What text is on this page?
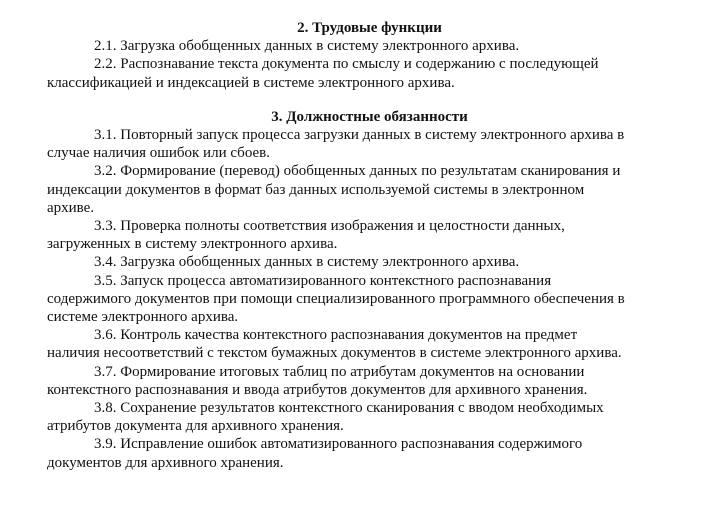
2. Трудовые функции
2.1. Загрузка обобщенных данных в систему электронного архива.
2.2. Распознавание текста документа по смыслу и содержанию с последующей
классификацией и индексацией в системе электронного архива.
3. Должностные обязанности
3.1. Повторный запуск процесса загрузки данных в систему электронного архива в
случае наличия ошибок или сбоев.
3.2. Формирование (перевод) обобщенных данных по результатам сканирования и
индексации документов в формат баз данных используемой системы в электронном
архиве.
3.3. Проверка полноты соответствия изображения и целостности данных,
загруженных в систему электронного архива.
3.4. Загрузка обобщенных данных в систему электронного архива.
3.5. Запуск процесса автоматизированного контекстного распознавания
содержимого документов при помощи специализированного программного обеспечения в
системе электронного архива.
3.6. Контроль качества контекстного распознавания документов на предмет
наличия несоответствий с текстом бумажных документов в системе электронного архива.
3.7. Формирование итоговых таблиц по атрибутам документов на основании
контекстного распознавания и ввода атрибутов документов для архивного хранения.
3.8. Сохранение результатов контекстного сканирования с вводом необходимых
атрибутов документа для архивного хранения.
3.9. Исправление ошибок автоматизированного распознавания содержимого
документов для архивного хранения.
